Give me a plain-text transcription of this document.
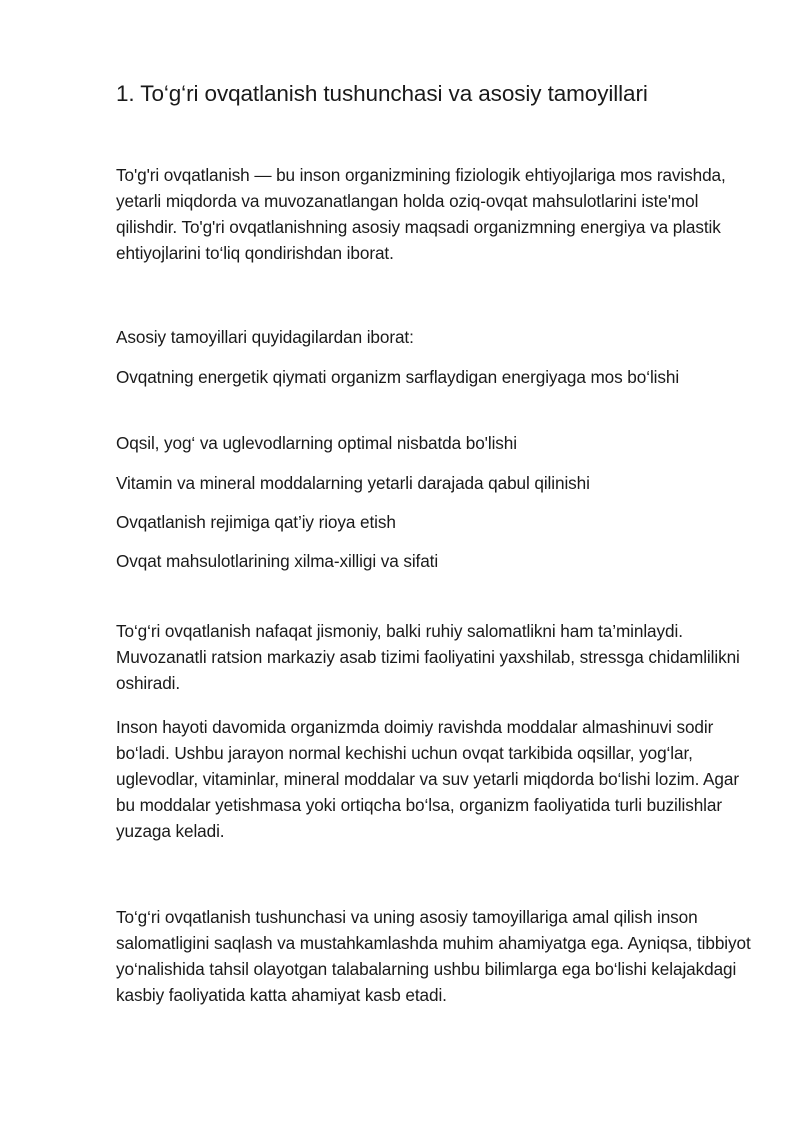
1. To‘g‘ri ovqatlanish tushunchasi va asosiy tamoyillari

To'g'ri ovqatlanish — bu inson organizmining fiziologik ehtiyojlariga mos ravishda, yetarli miqdorda va muvozanatlangan holda oziq-ovqat mahsulotlarini iste'mol qilishdir. To'g'ri ovqatlanishning asosiy maqsadi organizmning energiya va plastik ehtiyojlarini to‘liq qondirishdan iborat.

Asosiy tamoyillari quyidagilardan iborat:

Ovqatning energetik qiymati organizm sarflaydigan energiyaga mos bo‘lishi

Oqsil, yog‘ va uglevodlarning optimal nisbatda bo'lishi

Vitamin va mineral moddalarning yetarli darajada qabul qilinishi

Ovqatlanish rejimiga qat’iy rioya etish

Ovqat mahsulotlarining xilma-xilligi va sifati

To‘g‘ri ovqatlanish nafaqat jismoniy, balki ruhiy salomatlikni ham ta’minlaydi. Muvozanatli ratsion markaziy asab tizimi faoliyatini yaxshilab, stressga chidamlilikni oshiradi.

Inson hayoti davomida organizmda doimiy ravishda moddalar almashinuvi sodir bo‘ladi. Ushbu jarayon normal kechishi uchun ovqat tarkibida oqsillar, yog‘lar, uglevodlar, vitaminlar, mineral moddalar va suv yetarli miqdorda bo‘lishi lozim. Agar bu moddalar yetishmasa yoki ortiqcha bo‘lsa, organizm faoliyatida turli buzilishlar yuzaga keladi.

To‘g‘ri ovqatlanish tushunchasi va uning asosiy tamoyillariga amal qilish inson salomatligini saqlash va mustahkamlashda muhim ahamiyatga ega. Ayniqsa, tibbiyot yo‘nalishida tahsil olayotgan talabalarning ushbu bilimlarga ega bo‘lishi kelajakdagi kasbiy faoliyatida katta ahamiyat kasb etadi.
